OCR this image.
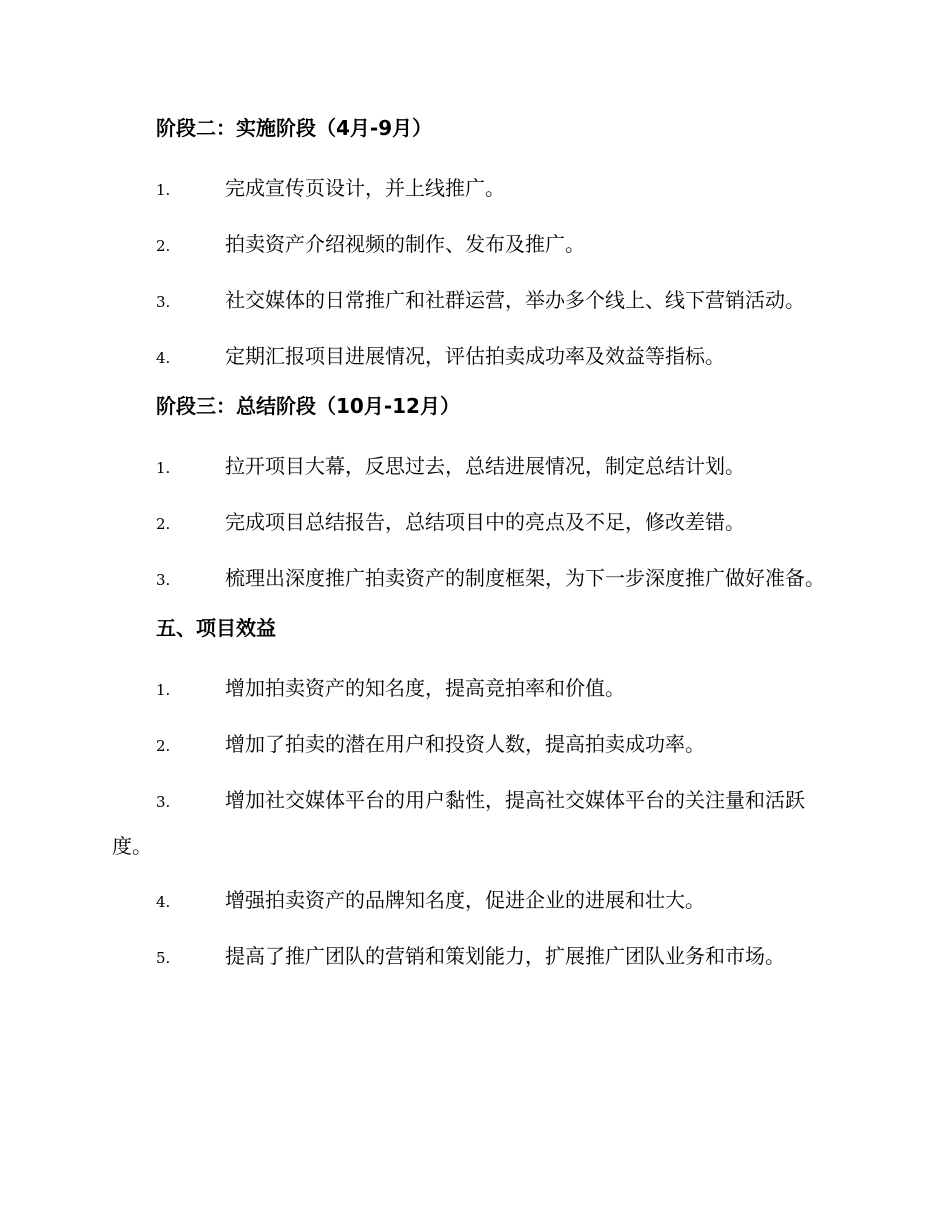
阶段二：实施阶段（4月-9月）
1.	完成宣传页设计，并上线推广。
2.	拍卖资产介绍视频的制作、发布及推广。
3.	社交媒体的日常推广和社群运营，举办多个线上、线下营销活动。
4.	定期汇报项目进展情况，评估拍卖成功率及效益等指标。
阶段三：总结阶段（10月-12月）
1.	拉开项目大幕，反思过去，总结进展情况，制定总结计划。
2.	完成项目总结报告，总结项目中的亮点及不足，修改差错。
3.	梳理出深度推广拍卖资产的制度框架，为下一步深度推广做好准备。
五、项目效益
1.	增加拍卖资产的知名度，提高竞拍率和价值。
2.	增加了拍卖的潜在用户和投资人数，提高拍卖成功率。
3.	增加社交媒体平台的用户黏性，提高社交媒体平台的关注量和活跃度。
4.	增强拍卖资产的品牌知名度，促进企业的进展和壮大。
5.	提高了推广团队的营销和策划能力，扩展推广团队业务和市场。
